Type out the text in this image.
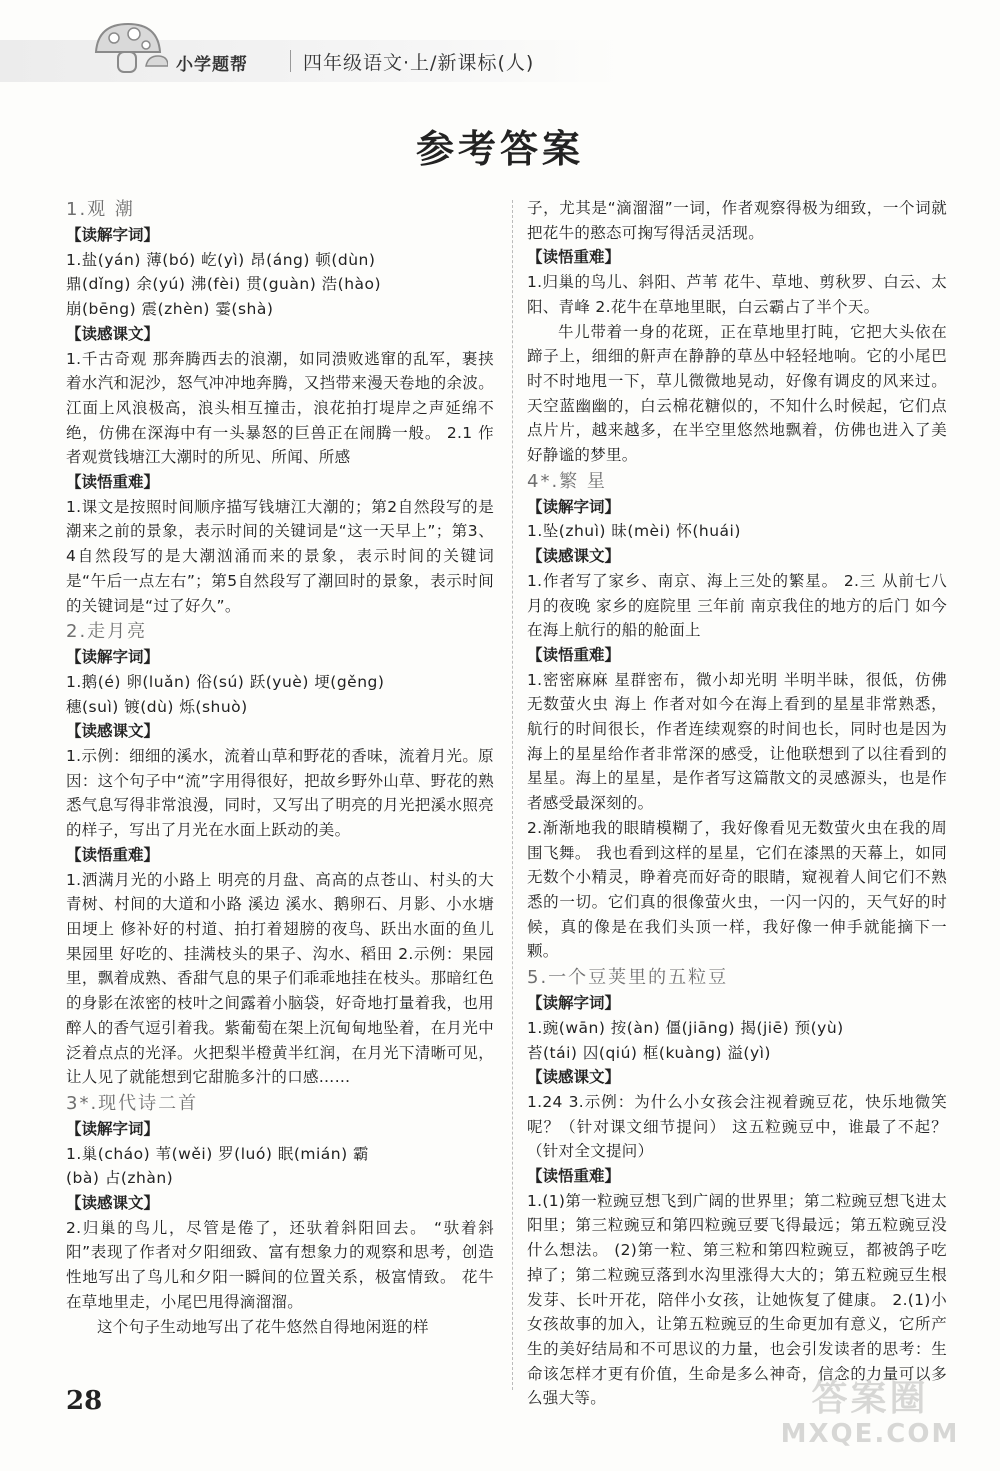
小学题帮	四年级语文·上/新课标(人)
参考答案
1.观 潮
【读解字词】
1.盐(yán) 薄(bó) 屹(yì) 昂(áng) 顿(dùn)
鼎(dǐng) 余(yú) 沸(fèi) 贯(guàn) 浩(hào)
崩(bēng) 震(zhèn) 霎(shà)
【读感课文】
1.千古奇观 那奔腾西去的浪潮，如同溃败逃窜的乱军，裹挟着水汽和泥沙，怒气冲冲地奔腾，又挡带来漫天卷地的余波。江面上风浪极高，浪头相互撞击，浪花拍打堤岸之声延绵不绝，仿佛在深海中有一头暴怒的巨兽正在闹腾一般。 2.1 作者观赏钱塘江大潮时的所见、所闻、所感
【读悟重难】
1.课文是按照时间顺序描写钱塘江大潮的；第2自然段写的是潮来之前的景象，表示时间的关键词是“这一天早上”；第3、4自然段写的是大潮汹涌而来的景象，表示时间的关键词是“午后一点左右”；第5自然段写了潮回时的景象，表示时间的关键词是“过了好久”。
2.走月亮
【读解字词】
1.鹅(é) 卵(luǎn) 俗(sú) 跃(yuè) 埂(gěng)
穗(suì) 镀(dù) 烁(shuò)
【读感课文】
1.示例：细细的溪水，流着山草和野花的香味，流着月光。原因：这个句子中“流”字用得很好，把故乡野外山草、野花的熟悉气息写得非常浪漫，同时，又写出了明亮的月光把溪水照亮的样子，写出了月光在水面上跃动的美。
【读悟重难】
1.洒满月光的小路上 明亮的月盘、高高的点苍山、村头的大青树、村间的大道和小路 溪边 溪水、鹅卵石、月影、小水塘 田埂上 修补好的村道、拍打着翅膀的夜鸟、跃出水面的鱼儿 果园里 好吃的、挂满枝头的果子、沟水、稻田 2.示例：果园里，飘着成熟、香甜气息的果子们乖乖地挂在枝头。那暗红色的身影在浓密的枝叶之间露着小脑袋，好奇地打量着我，也用醉人的香气逗引着我。紫葡萄在架上沉甸甸地坠着，在月光中泛着点点的光泽。火把梨半橙黄半红润，在月光下清晰可见，让人见了就能想到它甜脆多汁的口感……
3*.现代诗二首
【读解字词】
1.巢(cháo) 苇(wěi) 罗(luó) 眠(mián) 霸
(bà) 占(zhàn)
【读感课文】
2.归巢的鸟儿，尽管是倦了，还驮着斜阳回去。 “驮着斜阳”表现了作者对夕阳细致、富有想象力的观察和思考，创造性地写出了鸟儿和夕阳一瞬间的位置关系，极富情致。 花牛在草地里走，小尾巴甩得滴溜溜。
这个句子生动地写出了花牛悠然自得地闲逛的样
子，尤其是“滴溜溜”一词，作者观察得极为细致，一个词就把花牛的憨态可掬写得活灵活现。
【读悟重难】
1.归巢的鸟儿、斜阳、芦苇 花牛、草地、剪秋罗、白云、太阳、青峰 2.花牛在草地里眠，白云霸占了半个天。
牛儿带着一身的花斑，正在草地里打盹，它把大头依在蹄子上，细细的鼾声在静静的草丛中轻轻地响。它的小尾巴时不时地甩一下，草儿微微地晃动，好像有调皮的风来过。天空蓝幽幽的，白云棉花糖似的，不知什么时候起，它们点点片片，越来越多，在半空里悠然地飘着，仿佛也进入了美好静谧的梦里。
4*.繁 星
【读解字词】
1.坠(zhuì) 昧(mèi) 怀(huái)
【读感课文】
1.作者写了家乡、南京、海上三处的繁星。 2.三 从前七八月的夜晚 家乡的庭院里 三年前 南京我住的地方的后门 如今 在海上航行的船的舱面上
【读悟重难】
1.密密麻麻 星群密布，微小却光明 半明半昧，很低，仿佛无数萤火虫 海上 作者对如今在海上看到的星星非常熟悉，航行的时间很长，作者连续观察的时间也长，同时也是因为海上的星星给作者非常深的感受，让他联想到了以往看到的星星。海上的星星，是作者写这篇散文的灵感源头，也是作者感受最深刻的。
2.渐渐地我的眼睛模糊了，我好像看见无数萤火虫在我的周围飞舞。 我也看到这样的星星，它们在漆黑的天幕上，如同无数个小精灵，睁着亮而好奇的眼睛，窥视着人间它们不熟悉的一切。它们真的很像萤火虫，一闪一闪的，天气好的时候，真的像是在我们头顶一样，我好像一伸手就能摘下一颗。
5.一个豆荚里的五粒豆
【读解字词】
1.豌(wān) 按(àn) 僵(jiāng) 揭(jiē) 预(yù)
苔(tái) 囚(qiú) 框(kuàng) 溢(yì)
【读感课文】
1.24 3.示例：为什么小女孩会注视着豌豆花，快乐地微笑呢？（针对课文细节提问） 这五粒豌豆中，谁最了不起？（针对全文提问）
【读悟重难】
1.(1)第一粒豌豆想飞到广阔的世界里；第二粒豌豆想飞进太阳里；第三粒豌豆和第四粒豌豆要飞得最远；第五粒豌豆没什么想法。 (2)第一粒、第三粒和第四粒豌豆，都被鸽子吃掉了；第二粒豌豆落到水沟里涨得大大的；第五粒豌豆生根发芽、长叶开花，陪伴小女孩，让她恢复了健康。 2.(1)小女孩故事的加入，让第五粒豌豆的生命更加有意义，它所产生的美好结局和不可思议的力量，也会引发读者的思考：生命该怎样才更有价值，生命是多么神奇，信念的力量可以多么强大等。
28	答案圈
MXQE.COM
